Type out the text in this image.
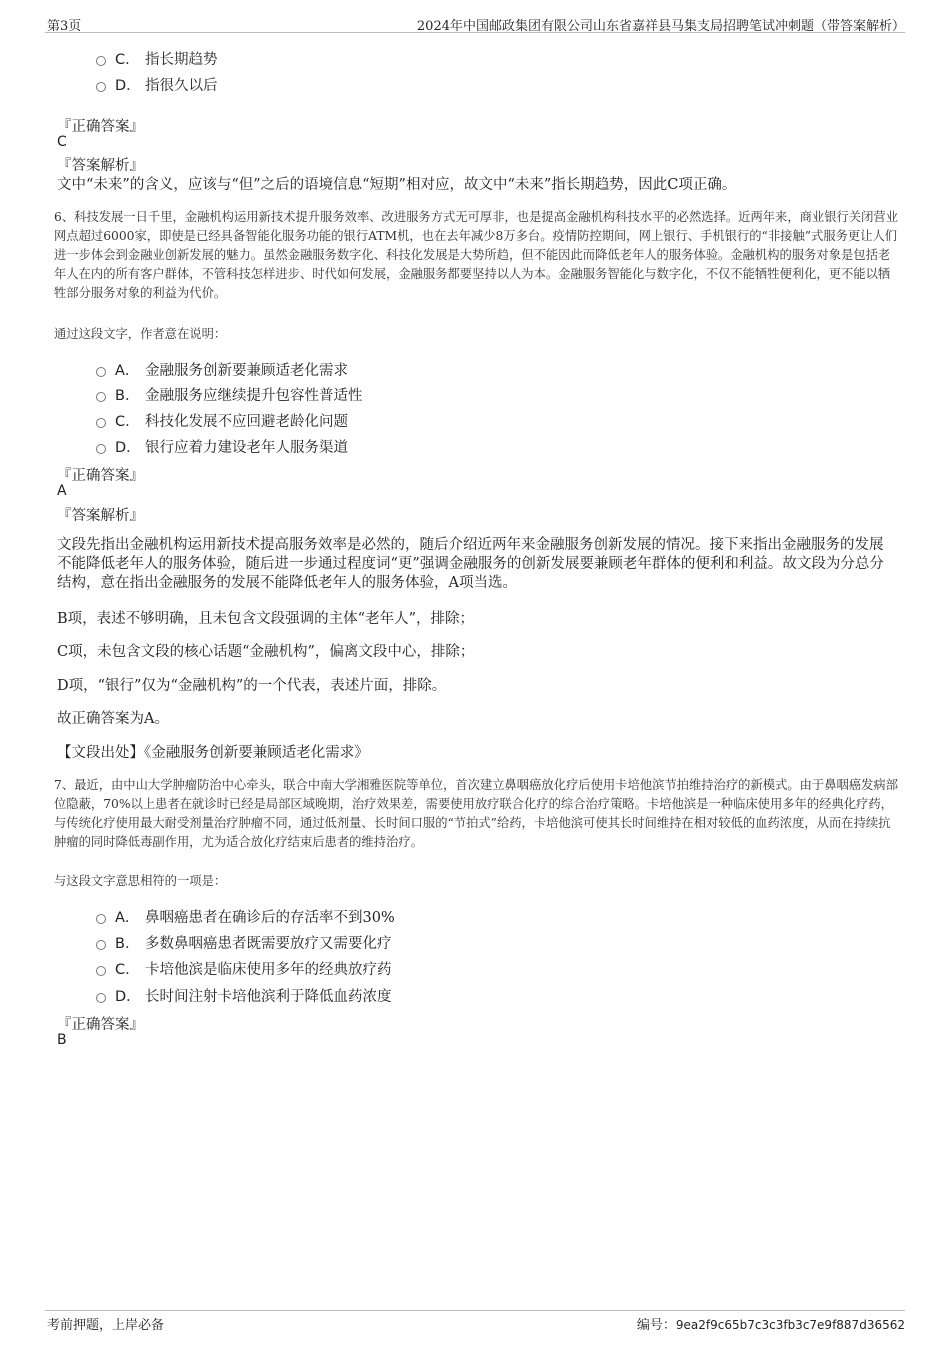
第3页	2024年中国邮政集团有限公司山东省嘉祥县马集支局招聘笔试冲刺题（带答案解析）
C． 指长期趋势
D． 指很久以后
『正确答案』
C
『答案解析』
文中“未来”的含义，应该与“但”之后的语境信息“短期”相对应，故文中“未来”指长期趋势，因此C项正确。
6、科技发展一日千里，金融机构运用新技术提升服务效率、改进服务方式无可厚非，也是提高金融机构科技水平的必然选择。近两年来，商业银行关闭营业网点超过6000家，即使是已经具备智能化服务功能的银行ATM机，也在去年减少8万多台。疫情防控期间，网上银行、手机银行的“非接触”式服务更让人们进一步体会到金融业创新发展的魅力。虽然金融服务数字化、科技化发展是大势所趋，但不能因此而降低老年人的服务体验。金融机构的服务对象是包括老年人在内的所有客户群体，不管科技怎样进步、时代如何发展，金融服务都要坚持以人为本。金融服务智能化与数字化，不仅不能牺牲便利化，更不能以牺牲部分服务对象的利益为代价。
通过这段文字，作者意在说明：
A． 金融服务创新要兼顾适老化需求
B． 金融服务应继续提升包容性普适性
C． 科技化发展不应回避老龄化问题
D． 银行应着力建设老年人服务渠道
『正确答案』
A
『答案解析』
文段先指出金融机构运用新技术提高服务效率是必然的，随后介绍近两年来金融服务创新发展的情况。接下来指出金融服务的发展不能降低老年人的服务体验，随后进一步通过程度词“更”强调金融服务的创新发展要兼顾老年群体的便利和利益。故文段为分总分结构，意在指出金融服务的发展不能降低老年人的服务体验，A项当选。
B项，表述不够明确，且未包含文段强调的主体“老年人”，排除；
C项，未包含文段的核心话题“金融机构”，偏离文段中心，排除；
D项，“银行”仅为“金融机构”的一个代表，表述片面，排除。
故正确答案为A。
【文段出处】《金融服务创新要兼顾适老化需求》
7、最近，由中山大学肿瘤防治中心牵头，联合中南大学湘雅医院等单位，首次建立鼻咽癌放化疗后使用卡培他滨节拍维持治疗的新模式。由于鼻咽癌发病部位隐蔽，70%以上患者在就诊时已经是局部区域晚期，治疗效果差，需要使用放疗联合化疗的综合治疗策略。卡培他滨是一种临床使用多年的经典化疗药，与传统化疗使用最大耐受剂量治疗肿瘤不同，通过低剂量、长时间口服的“节拍式”给药，卡培他滨可使其长时间维持在相对较低的血药浓度，从而在持续抗肿瘤的同时降低毒副作用，尤为适合放化疗结束后患者的维持治疗。
与这段文字意思相符的一项是：
A． 鼻咽癌患者在确诊后的存活率不到30%
B． 多数鼻咽癌患者既需要放疗又需要化疗
C． 卡培他滨是临床使用多年的经典放疗药
D． 长时间注射卡培他滨利于降低血药浓度
『正确答案』
B
考前押题，上岸必备	编号：9ea2f9c65b7c3c3fb3c7e9f887d36562
